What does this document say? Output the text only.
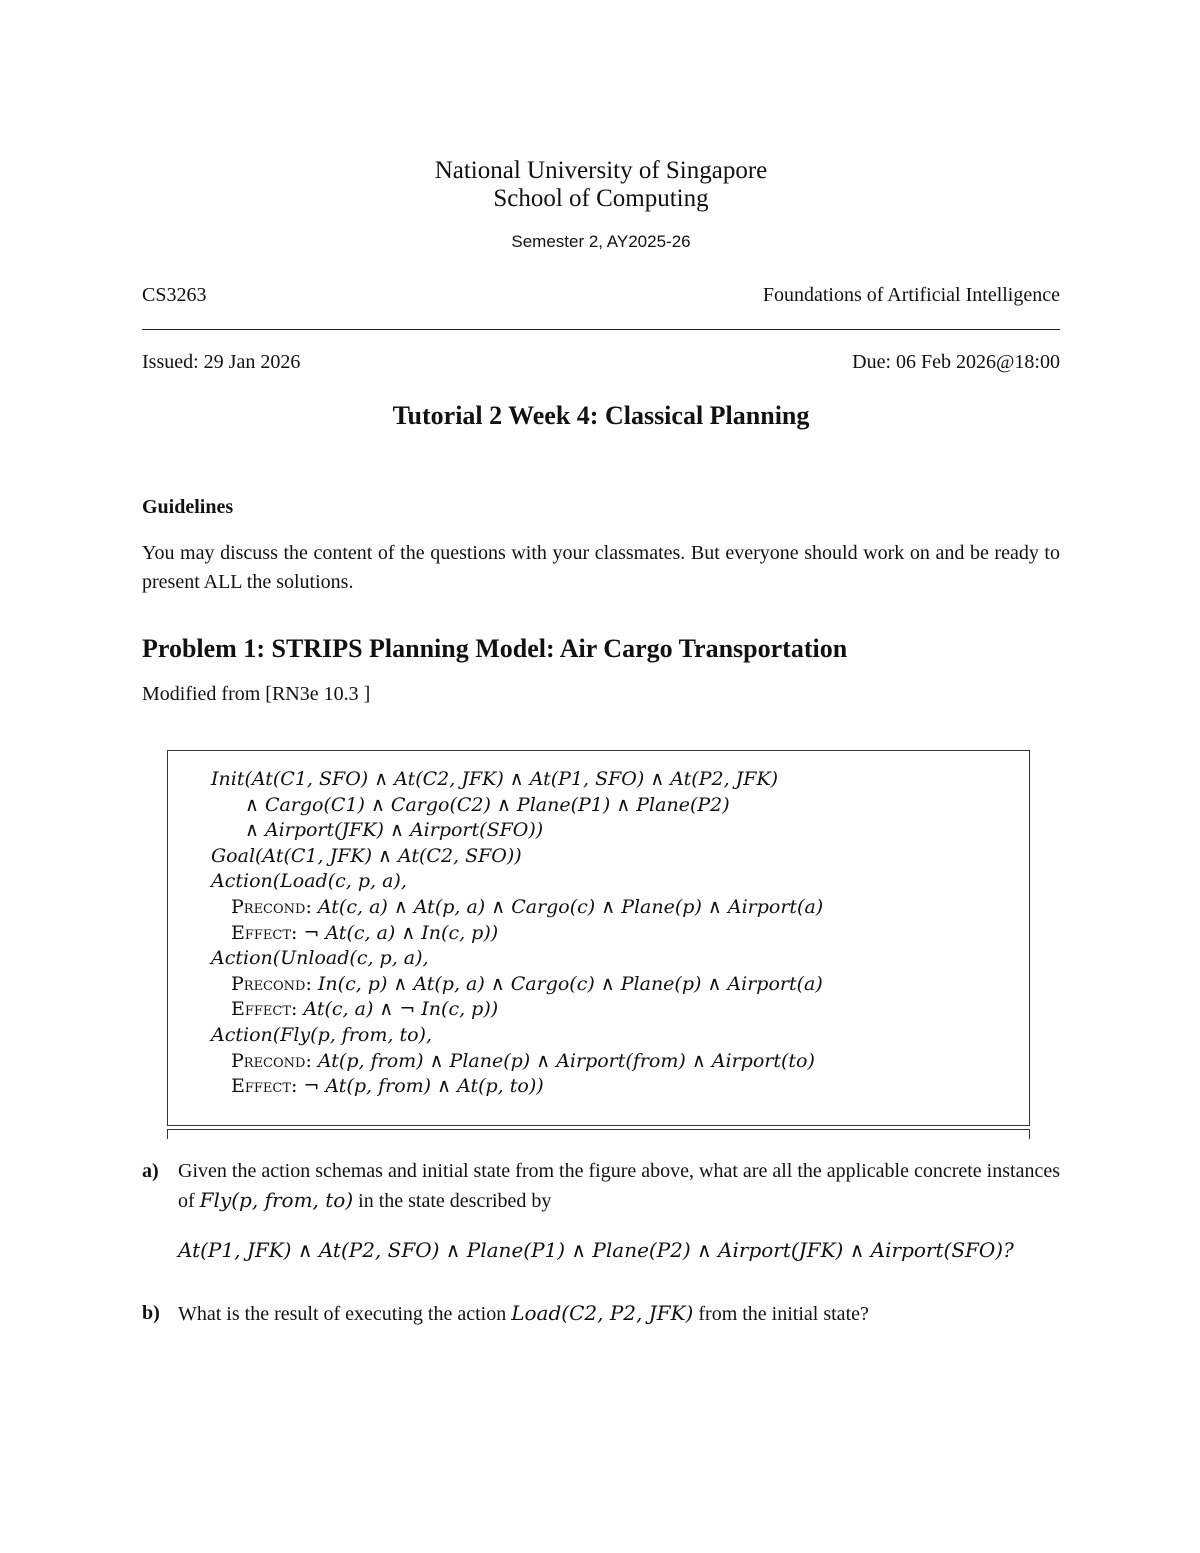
National University of Singapore
School of Computing
Semester 2, AY2025-26
CS3263	Foundations of Artificial Intelligence
Issued: 29 Jan 2026	Due: 06 Feb 2026@18:00
Tutorial 2 Week 4: Classical Planning
Guidelines
You may discuss the content of the questions with your classmates. But everyone should work on and be ready to present ALL the solutions.
Problem 1: STRIPS Planning Model: Air Cargo Transportation
Modified from [RN3e 10.3 ]
Init(At(C1, SFO) ∧ At(C2, JFK) ∧ At(P1, SFO) ∧ At(P2, JFK)
∧ Cargo(C1) ∧ Cargo(C2) ∧ Plane(P1) ∧ Plane(P2)
∧ Airport(JFK) ∧ Airport(SFO))
Goal(At(C1, JFK) ∧ At(C2, SFO))
Action(Load(c, p, a),
Precond: At(c, a) ∧ At(p, a) ∧ Cargo(c) ∧ Plane(p) ∧ Airport(a)
Effect: ¬ At(c, a) ∧ In(c, p))
Action(Unload(c, p, a),
Precond: In(c, p) ∧ At(p, a) ∧ Cargo(c) ∧ Plane(p) ∧ Airport(a)
Effect: At(c, a) ∧ ¬ In(c, p))
Action(Fly(p, from, to),
Precond: At(p, from) ∧ Plane(p) ∧ Airport(from) ∧ Airport(to)
Effect: ¬ At(p, from) ∧ At(p, to))
a) Given the action schemas and initial state from the figure above, what are all the applicable concrete instances of Fly(p, from, to) in the state described by
At(P1, JFK) ∧ At(P2, SFO) ∧ Plane(P1) ∧ Plane(P2) ∧ Airport(JFK) ∧ Airport(SFO)?
b) What is the result of executing the action Load(C2, P2, JFK) from the initial state?
